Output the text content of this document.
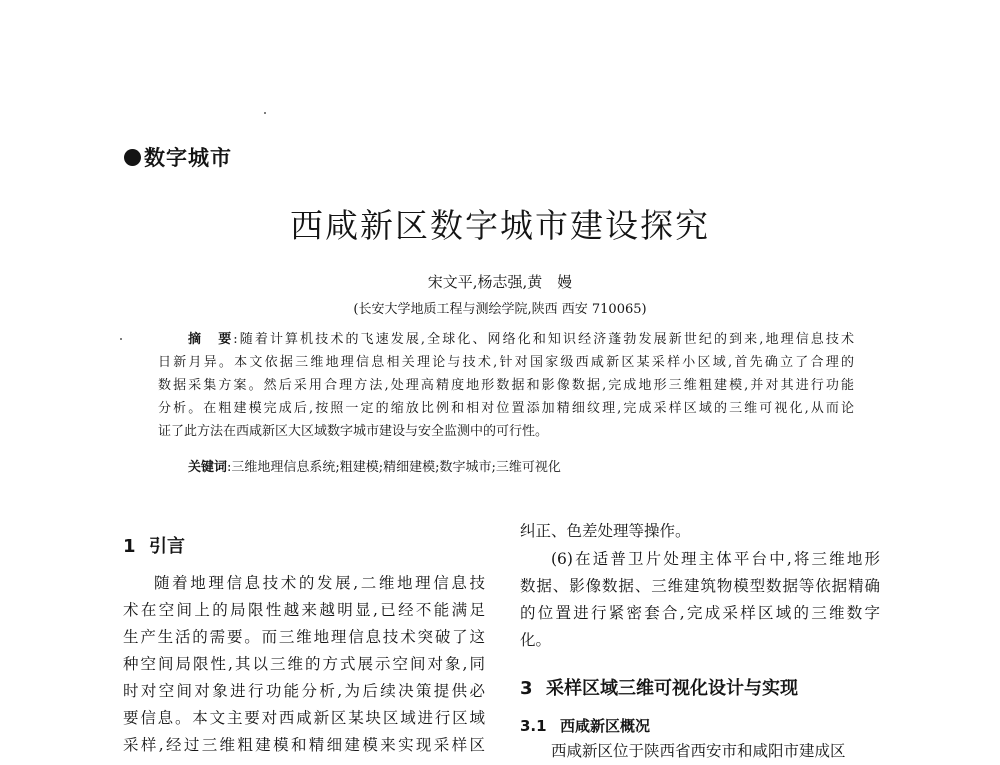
数字城市
西咸新区数字城市建设探究
宋文平,杨志强,黄　嫚
(长安大学地质工程与测绘学院,陕西 西安 710065)
摘　要:随着计算机技术的飞速发展,全球化、网络化和知识经济蓬勃发展新世纪的到来,地理信息技术
日新月异。本文依据三维地理信息相关理论与技术,针对国家级西咸新区某采样小区域,首先确立了合理的
数据采集方案。然后采用合理方法,处理高精度地形数据和影像数据,完成地形三维粗建模,并对其进行功能
分析。在粗建模完成后,按照一定的缩放比例和相对位置添加精细纹理,完成采样区域的三维可视化,从而论
证了此方法在西咸新区大区域数字城市建设与安全监测中的可行性。
关键词:三维地理信息系统;粗建模;精细建模;数字城市;三维可视化
1 引言
随着地理信息技术的发展,二维地理信息技
术在空间上的局限性越来越明显,已经不能满足
生产生活的需要。而三维地理信息技术突破了这
种空间局限性,其以三维的方式展示空间对象,同
时对空间对象进行功能分析,为后续决策提供必
要信息。本文主要对西咸新区某块区域进行区域
采样,经过三维粗建模和精细建模来实现采样区
纠正、色差处理等操作。
(6)在适普卫片处理主体平台中,将三维地形
数据、影像数据、三维建筑物模型数据等依据精确
的位置进行紧密套合,完成采样区域的三维数字
化。
3 采样区域三维可视化设计与实现
3.1 西咸新区概况
西咸新区位于陕西省西安市和咸阳市建成区
